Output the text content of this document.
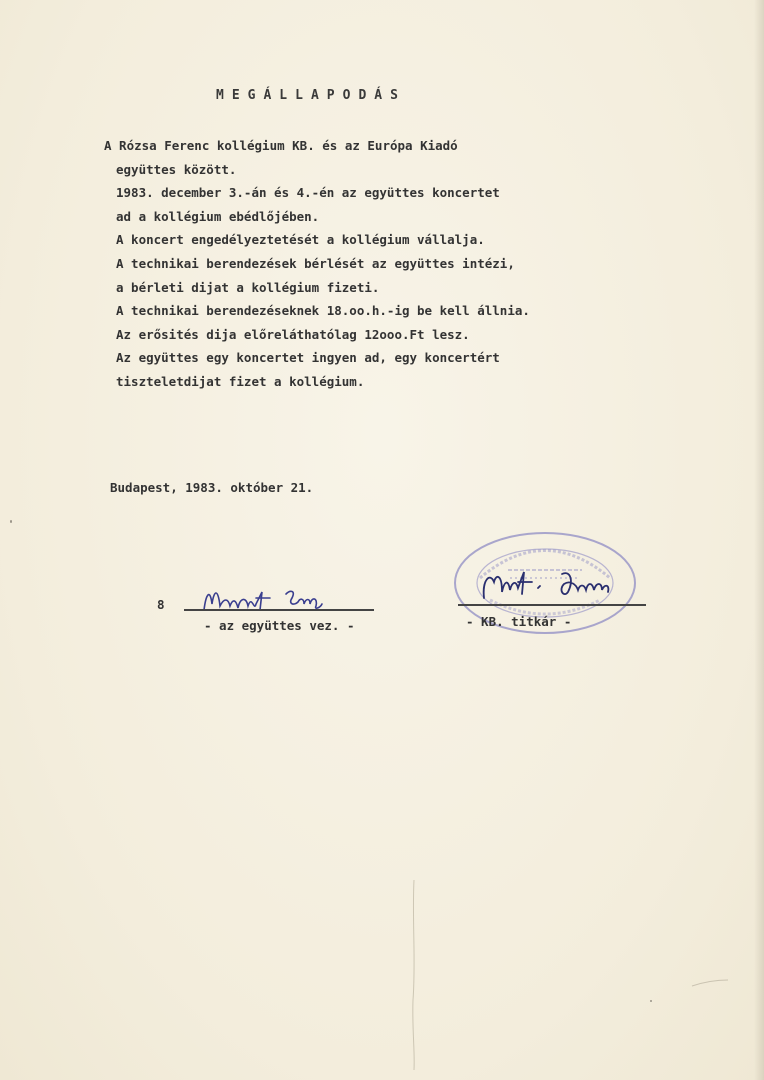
MEGÁLLAPODÁS
A Rózsa Ferenc kollégium KB. és az Európa Kiadó
együttes között.
1983. december 3.-án és 4.-én az együttes koncertet
ad a kollégium ebédlőjében.
A koncert engedélyeztetését a kollégium vállalja.
A technikai berendezések bérlését az együttes intézi,
a bérleti dijat a kollégium fizeti.
A technikai berendezéseknek 18.oo.h.-ig be kell állnia.
Az erősités dija előreláthatólag 12ooo.Ft lesz.
Az együttes egy koncertet ingyen ad, egy koncertért
tiszteletdijat fizet a kollégium.
Budapest, 1983. október 21.
8
- az együttes vez. -	- KB. titkár -
